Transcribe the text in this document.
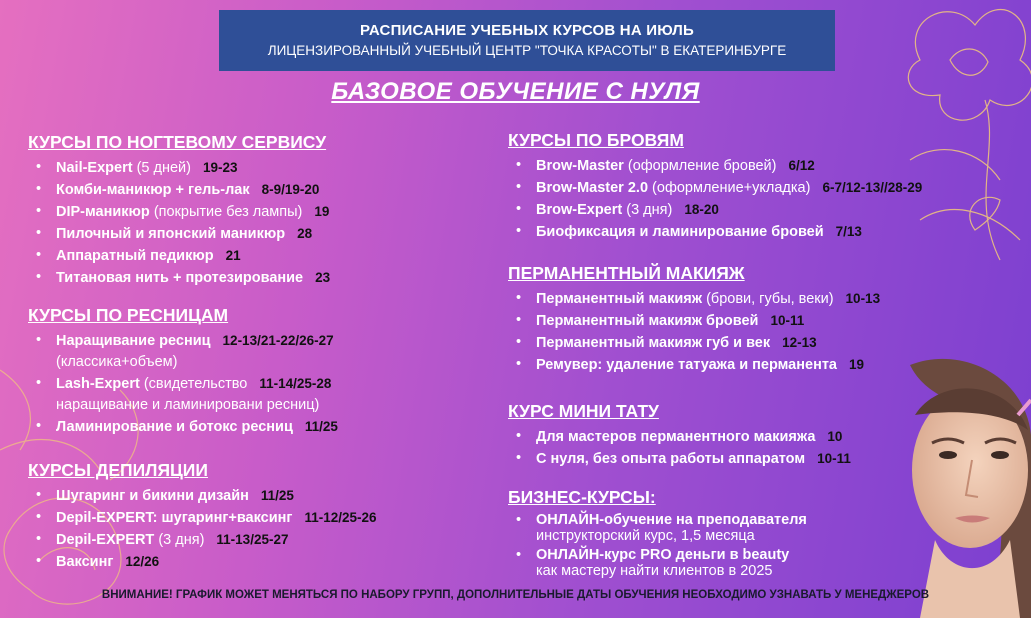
РАСПИСАНИЕ УЧЕБНЫХ КУРСОВ НА ИЮЛЬ
ЛИЦЕНЗИРОВАННЫЙ УЧЕБНЫЙ ЦЕНТР "ТОЧКА КРАСОТЫ" В ЕКАТЕРИНБУРГЕ
БАЗОВОЕ ОБУЧЕНИЕ С НУЛЯ
КУРСЫ ПО НОГТЕВОМУ СЕРВИСУ
• Nail-Expert (5 дней) 19-23
• Комби-маникюр + гель-лак 8-9/19-20
• DIP-маникюр (покрытие без лампы) 19
• Пилочный и японский маникюр 28
• Аппаратный педикюр 21
• Титановая нить + протезирование 23
КУРСЫ ПО РЕСНИЦАМ
• Наращивание ресниц 12-13/21-22/26-27
(классика+объем)
• Lash-Expert (свидетельство 11-14/25-28
наращивание и ламинировани ресниц)
• Ламинирование и ботокс ресниц 11/25
КУРСЫ ДЕПИЛЯЦИИ
• Шугаринг и бикини дизайн 11/25
• Depil-EXPERT: шугаринг+ваксинг 11-12/25-26
• Depil-EXPERT (3 дня) 11-13/25-27
• Ваксинг 12/26
КУРСЫ ПО БРОВЯМ
• Brow-Master (оформление бровей) 6/12
• Brow-Master 2.0 (оформление+укладка) 6-7/12-13//28-29
• Brow-Expert (3 дня) 18-20
• Биофиксация и ламинирование бровей 7/13
ПЕРМАНЕНТНЫЙ МАКИЯЖ
• Перманентный макияж (брови, губы, веки) 10-13
• Перманентный макияж бровей 10-11
• Перманентный макияж губ и век 12-13
• Ремувер: удаление татуажа и перманента 19
КУРС МИНИ ТАТУ
• Для мастеров перманентного макияжа 10
• С нуля, без опыта работы аппаратом 10-11
БИЗНЕС-КУРСЫ:
• ОНЛАЙН-обучение на преподавателя
инструкторский курс, 1,5 месяца
• ОНЛАЙН-курс PRO деньги в beauty
как мастеру найти клиентов в 2025
ВНИМАНИЕ! ГРАФИК МОЖЕТ МЕНЯТЬСЯ ПО НАБОРУ ГРУПП, ДОПОЛНИТЕЛЬНЫЕ ДАТЫ ОБУЧЕНИЯ НЕОБХОДИМО УЗНАВАТЬ У МЕНЕДЖЕРОВ
